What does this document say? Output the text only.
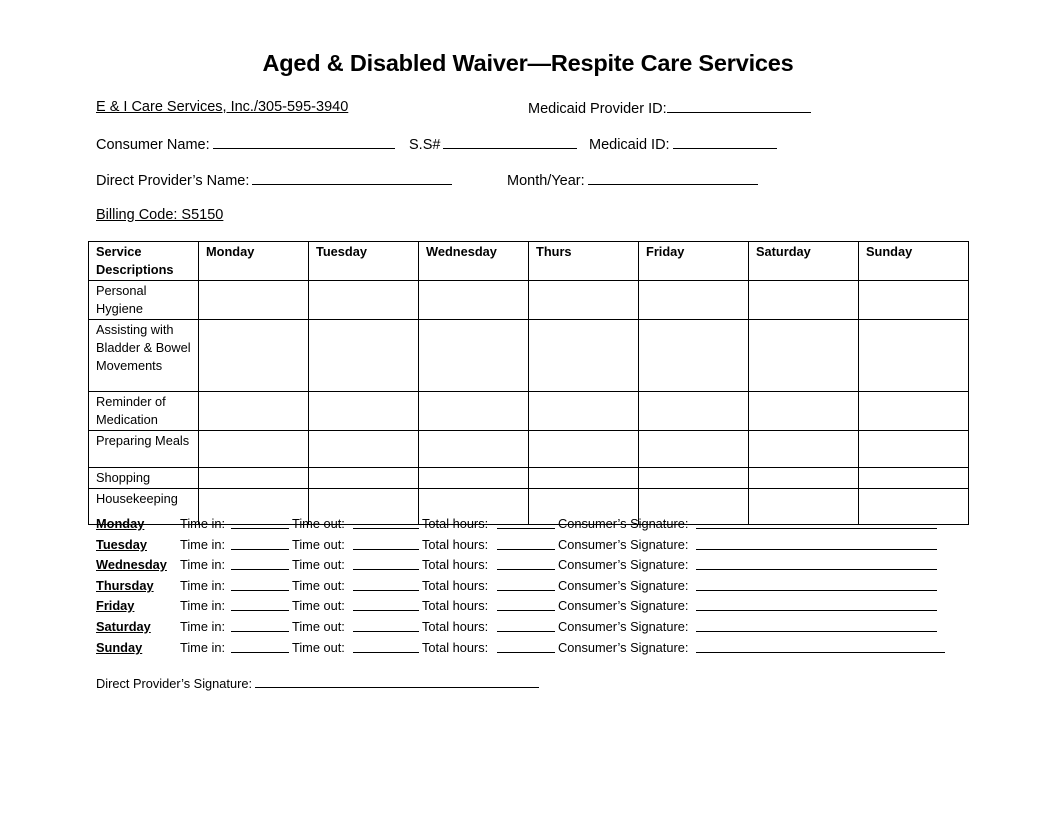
Aged & Disabled Waiver—Respite Care Services
E & I Care Services, Inc./305-595-3940	Medicaid Provider ID:
Consumer Name:	S.S#	Medicaid ID:
Direct Provider’s Name:	Month/Year:
Billing Code: S5150
Service Descriptions	Monday	Tuesday	Wednesday	Thurs	Friday	Saturday	Sunday
Personal Hygiene							
Assisting with Bladder & Bowel Movements							
Reminder of Medication							
Preparing Meals							
Shopping							
Housekeeping							
Monday	Time in:	Time out:	Total hours:	Consumer’s Signature:
Tuesday	Time in:	Time out:	Total hours:	Consumer’s Signature:
Wednesday Time in:	Time out:	Total hours:	Consumer’s Signature:
Thursday Time in:	Time out:	Total hours:	Consumer’s Signature:
Friday	Time in:	Time out:	Total hours:	Consumer’s Signature:
Saturday Time in:	Time out:	Total hours:	Consumer’s Signature:
Sunday	Time in:	Time out:	Total hours:	Consumer’s Signature:
Direct Provider’s Signature:
